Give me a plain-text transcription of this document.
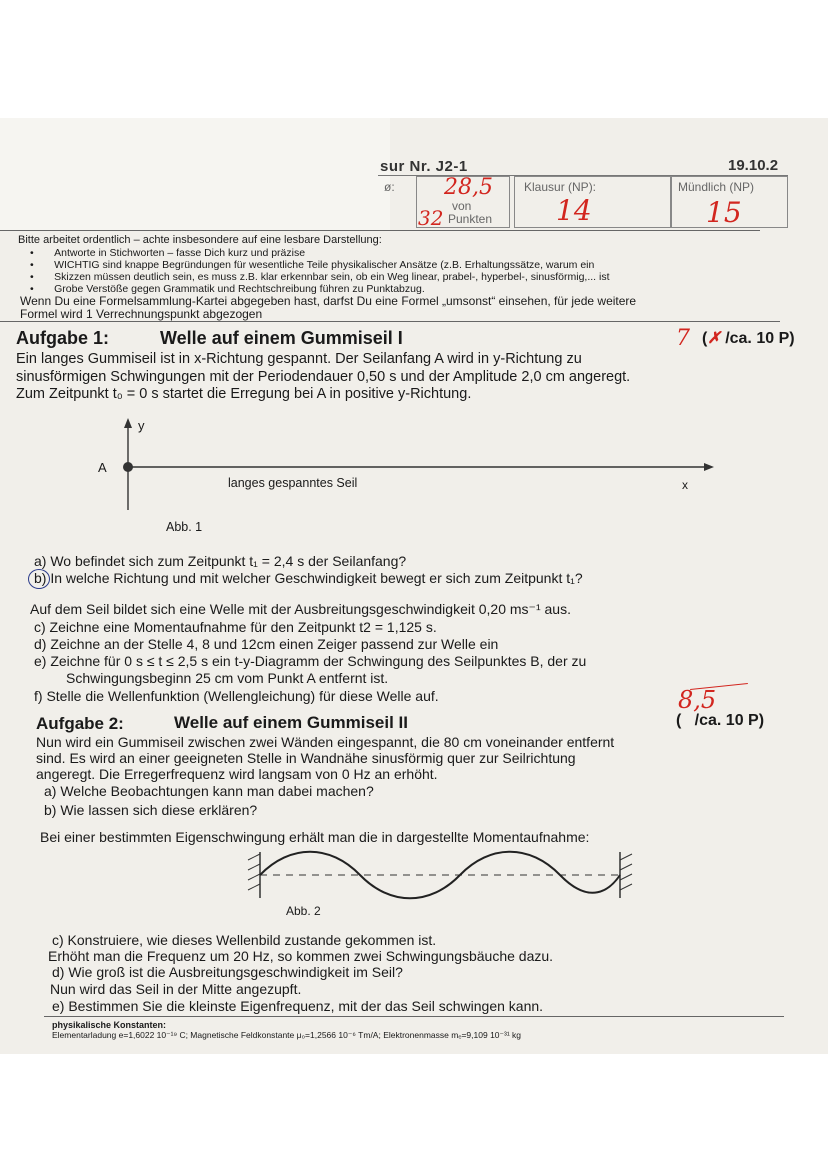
sur Nr. J2-1	19.10.2
ø: 28,5
von
32 Punkten
Klausur (NP):
14
Mündlich (NP)
15
Bitte arbeitet ordentlich – achte insbesondere auf eine lesbare Darstellung:
•       Antworte in Stichworten – fasse Dich kurz und präzise
•       WICHTIG sind knappe Begründungen für wesentliche Teile physikalischer Ansätze (z.B. Erhaltungssätze, warum ein
•       Skizzen müssen deutlich sein, es muss z.B. klar erkennbar sein, ob ein Weg linear, prabel-, hyperbel-, sinusförmig,... ist
•       Grobe Verstöße gegen Grammatik und Rechtschreibung führen zu Punktabzug.
Wenn Du eine Formelsammlung-Kartei abgegeben hast, darfst Du eine Formel „umsonst“ einsehen, für jede weitere
Formel wird 1 Verrechnungspunkt abgezogen
Aufgabe 1:	Welle auf einem Gummiseil I	7 (✗ /ca. 10 P)
Ein langes Gummiseil ist in x-Richtung gespannt. Der Seilanfang A wird in y-Richtung zu
sinusförmigen Schwingungen mit der Periodendauer 0,50 s und der Amplitude 2,0 cm angeregt.
Zum Zeitpunkt t₀ = 0 s startet die Erregung bei A in positive y-Richtung.
y
A
langes gespanntes Seil	x
Abb. 1
a) Wo befindet sich zum Zeitpunkt t₁ = 2,4 s der Seilanfang?
b) In welche Richtung und mit welcher Geschwindigkeit bewegt er sich zum Zeitpunkt t₁?
Auf dem Seil bildet sich eine Welle mit der Ausbreitungsgeschwindigkeit 0,20 ms⁻¹ aus.
c) Zeichne eine Momentaufnahme für den Zeitpunkt t2 = 1,125 s.
d) Zeichne an der Stelle 4, 8 und 12cm einen Zeiger passend zur Welle ein
e) Zeichne für 0 s ≤ t ≤ 2,5 s ein t-y-Diagramm der Schwingung des Seilpunktes B, der zu
Schwingungsbeginn 25 cm vom Punkt A entfernt ist.
f) Stelle die Wellenfunktion (Wellengleichung) für diese Welle auf.	8,5
Aufgabe 2:	Welle auf einem Gummiseil II	(   /ca. 10 P)
Nun wird ein Gummiseil zwischen zwei Wänden eingespannt, die 80 cm voneinander entfernt
sind. Es wird an einer geeigneten Stelle in Wandnähe sinusförmig quer zur Seilrichtung
angeregt. Die Erregerfrequenz wird langsam von 0 Hz an erhöht.
a) Welche Beobachtungen kann man dabei machen?
b) Wie lassen sich diese erklären?
Bei einer bestimmten Eigenschwingung erhält man die in dargestellte Momentaufnahme:
Abb. 2
c) Konstruiere, wie dieses Wellenbild zustande gekommen ist.
Erhöht man die Frequenz um 20 Hz, so kommen zwei Schwingungsbäuche dazu.
d) Wie groß ist die Ausbreitungsgeschwindigkeit im Seil?
Nun wird das Seil in der Mitte angezupft.
e) Bestimmen Sie die kleinste Eigenfrequenz, mit der das Seil schwingen kann.
physikalische Konstanten:
Elementarladung e=1,6022 10⁻¹⁹ C; Magnetische Feldkonstante μ₀=1,2566 10⁻⁶ Tm/A; Elektronenmasse mₑ=9,109 10⁻³¹ kg
